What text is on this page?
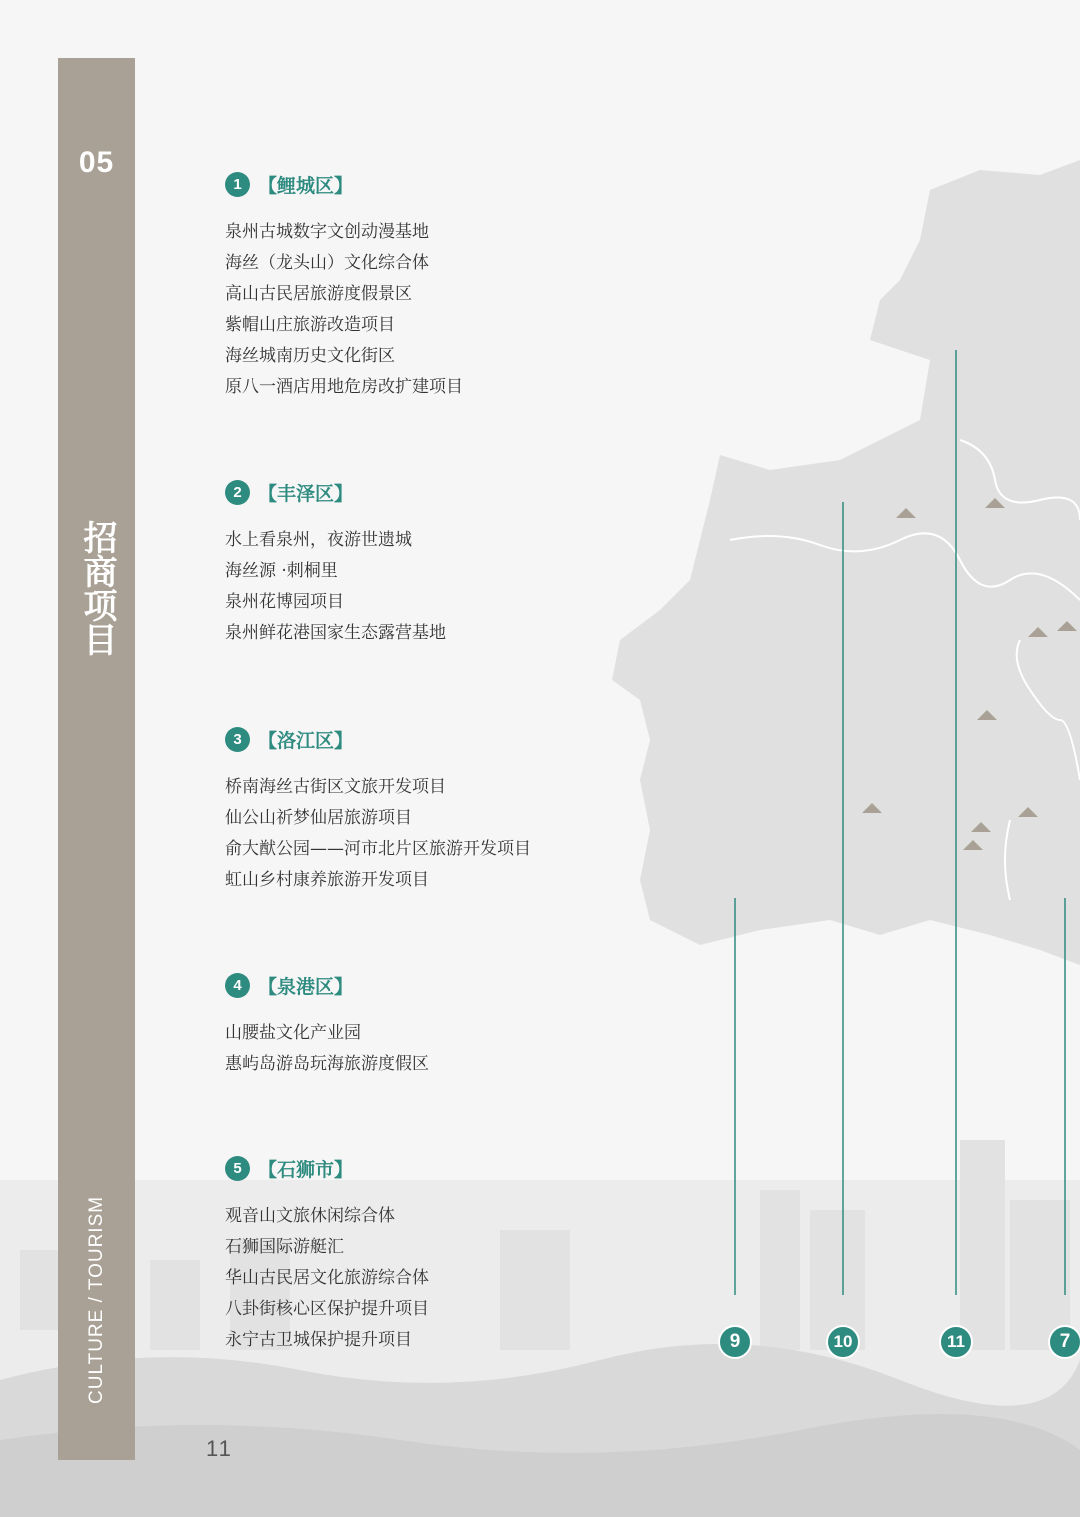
9	10	11	7
05
招商项目
CULTURE / TOURISM
1 【鲤城区】
泉州古城数字文创动漫基地
海丝（龙头山）文化综合体
高山古民居旅游度假景区
紫帽山庄旅游改造项目
海丝城南历史文化街区
原八一酒店用地危房改扩建项目
2 【丰泽区】
水上看泉州，夜游世遗城
海丝源 ·刺桐里
泉州花博园项目
泉州鲜花港国家生态露营基地
3 【洛江区】
桥南海丝古街区文旅开发项目
仙公山祈梦仙居旅游项目
俞大猷公园——河市北片区旅游开发项目
虹山乡村康养旅游开发项目
4 【泉港区】
山腰盐文化产业园
惠屿岛游岛玩海旅游度假区
5 【石狮市】
观音山文旅休闲综合体
石狮国际游艇汇
华山古民居文化旅游综合体
八卦街核心区保护提升项目
永宁古卫城保护提升项目
11
